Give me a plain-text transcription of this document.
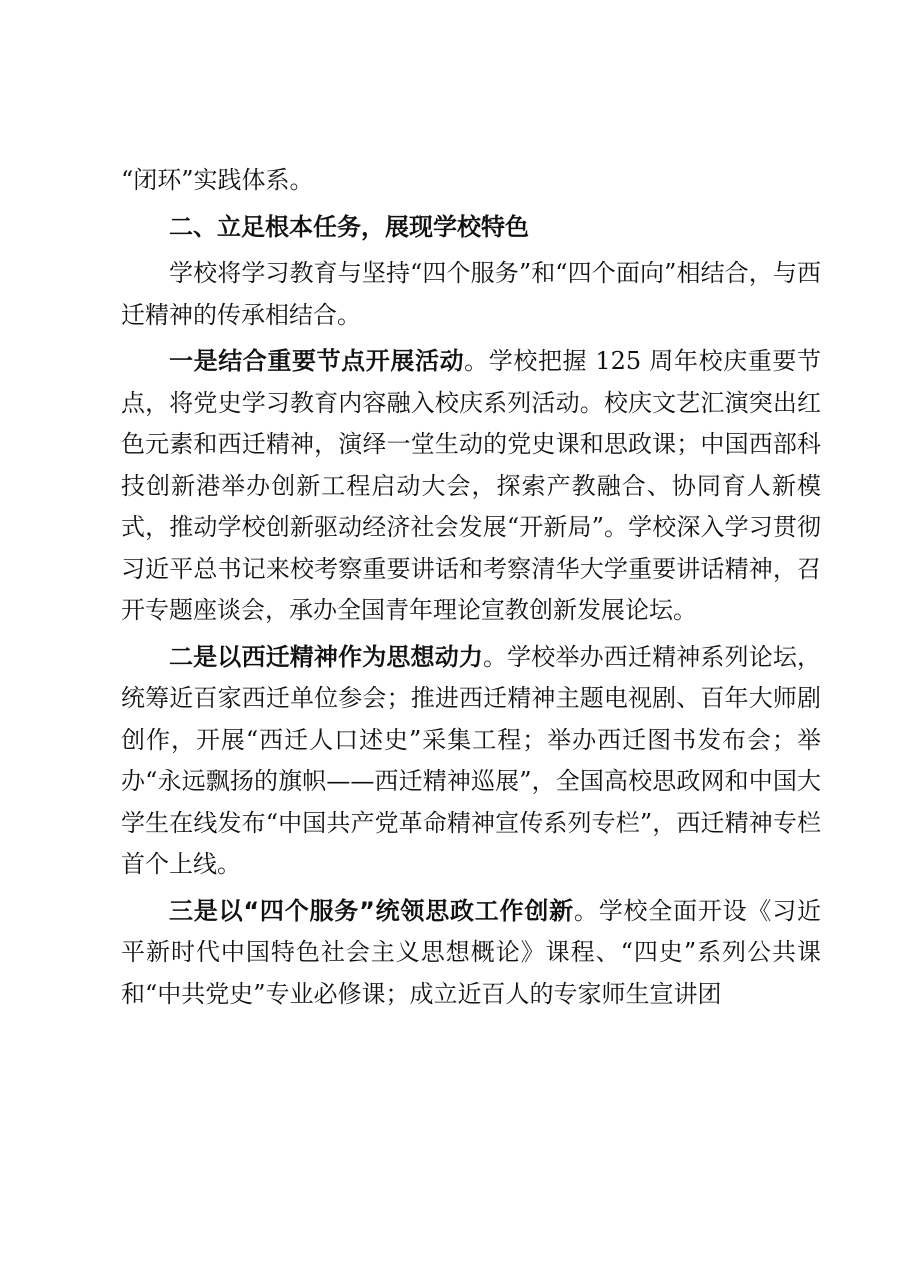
“闭环”实践体系。

二、立足根本任务，展现学校特色

学校将学习教育与坚持“四个服务”和“四个面向”相结合，与西迁精神的传承相结合。

一是结合重要节点开展活动。学校把握 125 周年校庆重要节点，将党史学习教育内容融入校庆系列活动。校庆文艺汇演突出红色元素和西迁精神，演绎一堂生动的党史课和思政课；中国西部科技创新港举办创新工程启动大会，探索产教融合、协同育人新模式，推动学校创新驱动经济社会发展“开新局”。学校深入学习贯彻习近平总书记来校考察重要讲话和考察清华大学重要讲话精神，召开专题座谈会，承办全国青年理论宣教创新发展论坛。

二是以西迁精神作为思想动力。学校举办西迁精神系列论坛，统筹近百家西迁单位参会；推进西迁精神主题电视剧、百年大师剧创作，开展“西迁人口述史”采集工程；举办西迁图书发布会；举办“永远飘扬的旗帜——西迁精神巡展”，全国高校思政网和中国大学生在线发布“中国共产党革命精神宣传系列专栏”，西迁精神专栏首个上线。

三是以“四个服务”统领思政工作创新。学校全面开设《习近平新时代中国特色社会主义思想概论》课程、“四史”系列公共课和“中共党史”专业必修课；成立近百人的专家师生宣讲团
